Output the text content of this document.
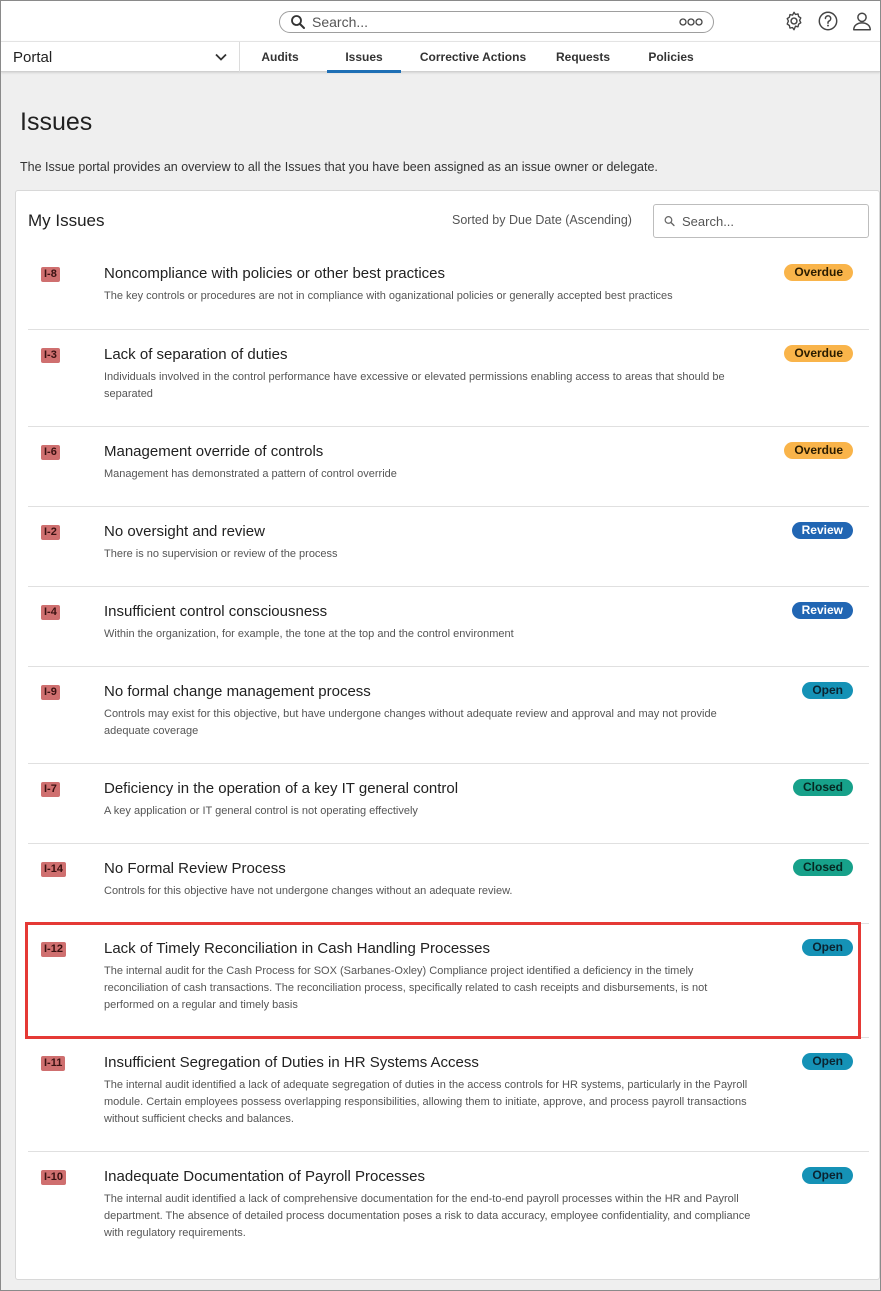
Search...
Portal	Audits	Issues	Corrective Actions	Requests	Policies
Issues
The Issue portal provides an overview to all the Issues that you have been assigned as an issue owner or delegate.
My Issues	Sorted by Due Date (Ascending)
Search...
I-8	Noncompliance with policies or other best practices
The key controls or procedures are not in compliance with oganizational policies or generally accepted best practices
Overdue
I-3	Lack of separation of duties
Individuals involved in the control performance have excessive or elevated permissions enabling access to areas that should be separated
Overdue
I-6	Management override of controls
Management has demonstrated a pattern of control override
Overdue
I-2	No oversight and review
There is no supervision or review of the process
Review
I-4	Insufficient control consciousness
Within the organization, for example, the tone at the top and the control environment
Review
I-9	No formal change management process
Controls may exist for this objective, but have undergone changes without adequate review and approval and may not provide adequate coverage
Open
I-7	Deficiency in the operation of a key IT general control
A key application or IT general control is not operating effectively
Closed
I-14	No Formal Review Process
Controls for this objective have not undergone changes without an adequate review.
Closed
I-12	Lack of Timely Reconciliation in Cash Handling Processes
The internal audit for the Cash Process for SOX (Sarbanes-Oxley) Compliance project identified a deficiency in the timely reconciliation of cash transactions. The reconciliation process, specifically related to cash receipts and disbursements, is not performed on a regular and timely basis
Open
I-11	Insufficient Segregation of Duties in HR Systems Access
The internal audit identified a lack of adequate segregation of duties in the access controls for HR systems, particularly in the Payroll module. Certain employees possess overlapping responsibilities, allowing them to initiate, approve, and process payroll transactions without sufficient checks and balances.
Open
I-10	Inadequate Documentation of Payroll Processes
The internal audit identified a lack of comprehensive documentation for the end-to-end payroll processes within the HR and Payroll department. The absence of detailed process documentation poses a risk to data accuracy, employee confidentiality, and compliance with regulatory requirements.
Open
